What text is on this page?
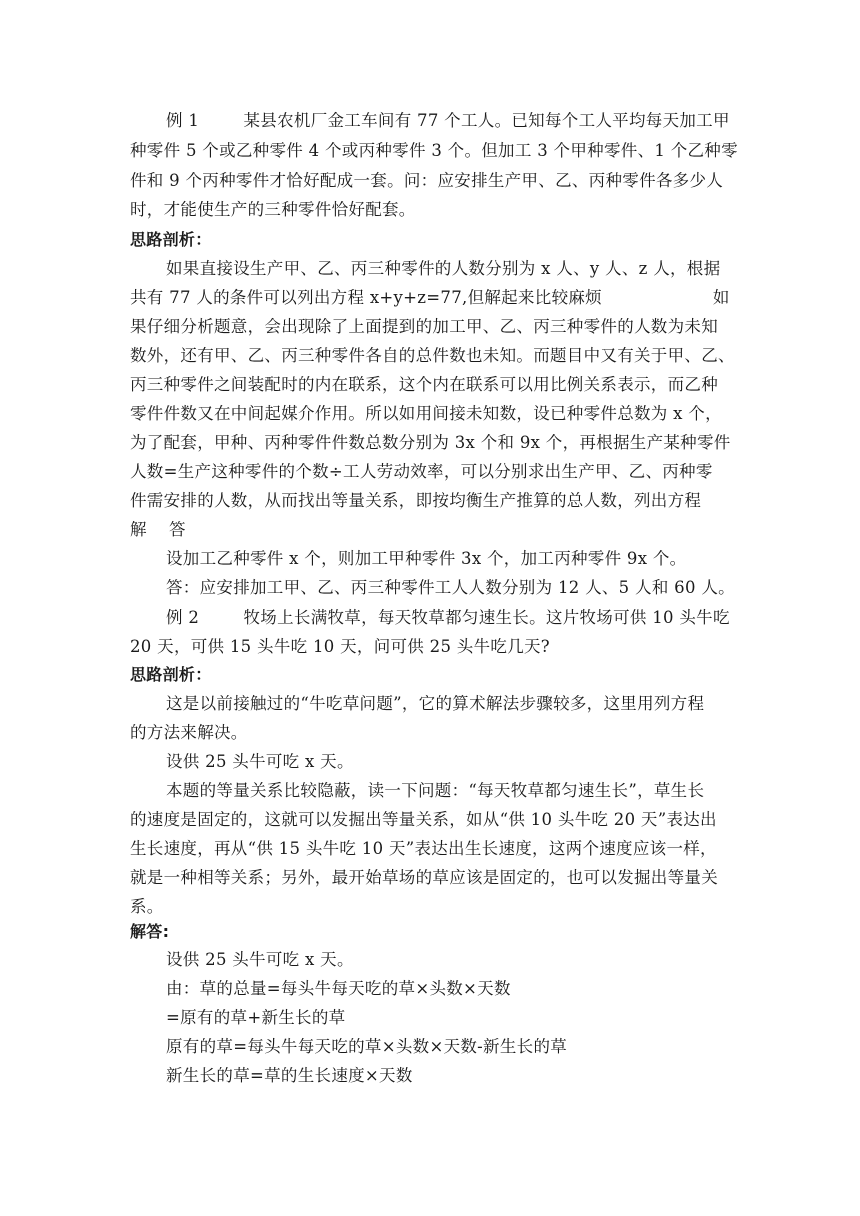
例 1        某县农机厂金工车间有 77 个工人。已知每个工人平均每天加工甲
种零件 5 个或乙种零件 4 个或丙种零件 3 个。但加工 3 个甲种零件、1 个乙种零
件和 9 个丙种零件才恰好配成一套。问：应安排生产甲、乙、丙种零件各多少人
时，才能使生产的三种零件恰好配套。
思路剖析：
如果直接设生产甲、乙、丙三种零件的人数分别为 x 人、y 人、z 人，根据
共有 77 人的条件可以列出方程 x+y+z=77,但解起来比较麻烦                    如
果仔细分析题意，会出现除了上面提到的加工甲、乙、丙三种零件的人数为未知
数外，还有甲、乙、丙三种零件各自的总件数也未知。而题目中又有关于甲、乙、
丙三种零件之间装配时的内在联系，这个内在联系可以用比例关系表示，而乙种
零件件数又在中间起媒介作用。所以如用间接未知数，设已种零件总数为 x 个，
为了配套，甲种、丙种零件件数总数分别为 3x 个和 9x 个，再根据生产某种零件
人数=生产这种零件的个数÷工人劳动效率，可以分别求出生产甲、乙、丙种零
件需安排的人数，从而找出等量关系，即按均衡生产推算的总人数，列出方程
解    答
设加工乙种零件 x 个，则加工甲种零件 3x 个，加工丙种零件 9x 个。
答：应安排加工甲、乙、丙三种零件工人人数分别为 12 人、5 人和 60 人。
例 2        牧场上长满牧草，每天牧草都匀速生长。这片牧场可供 10 头牛吃
20 天，可供 15 头牛吃 10 天，问可供 25 头牛吃几天?
思路剖析：
这是以前接触过的“牛吃草问题”，它的算术解法步骤较多，这里用列方程
的方法来解决。
设供 25 头牛可吃 x 天。
本题的等量关系比较隐蔽，读一下问题：“每天牧草都匀速生长”，草生长
的速度是固定的，这就可以发掘出等量关系，如从“供 10 头牛吃 20 天”表达出
生长速度，再从“供 15 头牛吃 10 天”表达出生长速度，这两个速度应该一样，
就是一种相等关系；另外，最开始草场的草应该是固定的，也可以发掘出等量关
系。
解答:
设供 25 头牛可吃 x 天。
由：草的总量=每头牛每天吃的草×头数×天数
=原有的草+新生长的草
原有的草=每头牛每天吃的草×头数×天数-新生长的草
新生长的草=草的生长速度×天数
